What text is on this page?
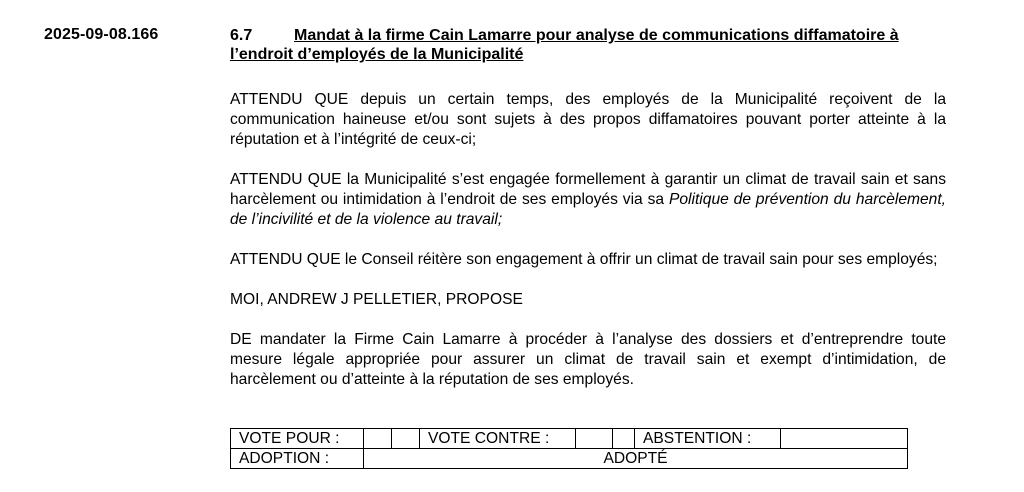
2025-09-08.166	6.7	Mandat à la firme Cain Lamarre pour analyse de communications diffamatoire à l’endroit d’employés de la Municipalité

ATTENDU QUE depuis un certain temps, des employés de la Municipalité reçoivent de la communication haineuse et/ou sont sujets à des propos diffamatoires pouvant porter atteinte à la réputation et à l’intégrité de ceux-ci;

ATTENDU QUE la Municipalité s’est engagée formellement à garantir un climat de travail sain et sans harcèlement ou intimidation à l’endroit de ses employés via sa Politique de prévention du harcèlement, de l’incivilité et de la violence au travail;

ATTENDU QUE le Conseil réitère son engagement à offrir un climat de travail sain pour ses employés;

MOI, ANDREW J PELLETIER, PROPOSE

DE mandater la Firme Cain Lamarre à procéder à l’analyse des dossiers et d’entreprendre toute mesure légale appropriée pour assurer un climat de travail sain et exempt d’intimidation, de harcèlement ou d’atteinte à la réputation de ses employés.

VOTE POUR :			VOTE CONTRE :			ABSTENTION :	
ADOPTION :	ADOPTÉ						
